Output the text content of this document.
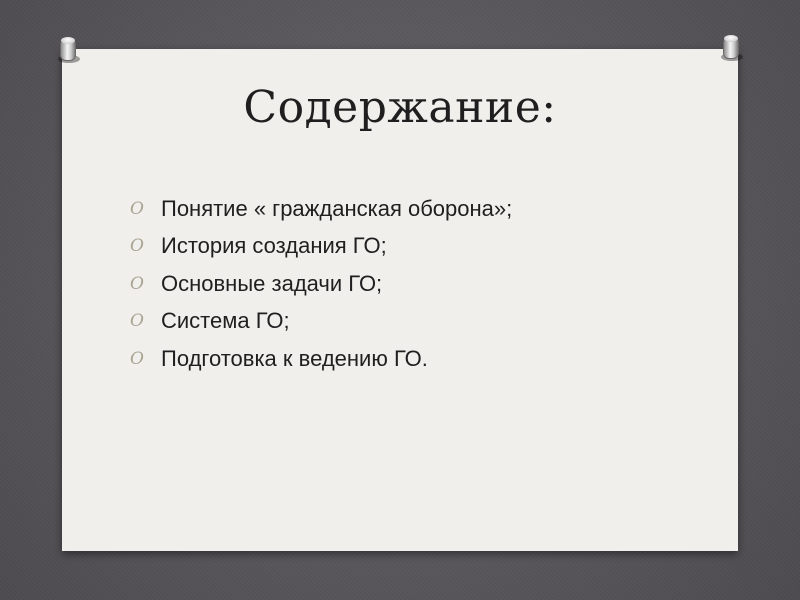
Содержание:
O Понятие « гражданская оборона»;
O История создания ГО;
O Основные задачи ГО;
O Система ГО;
O Подготовка к ведению ГО.
